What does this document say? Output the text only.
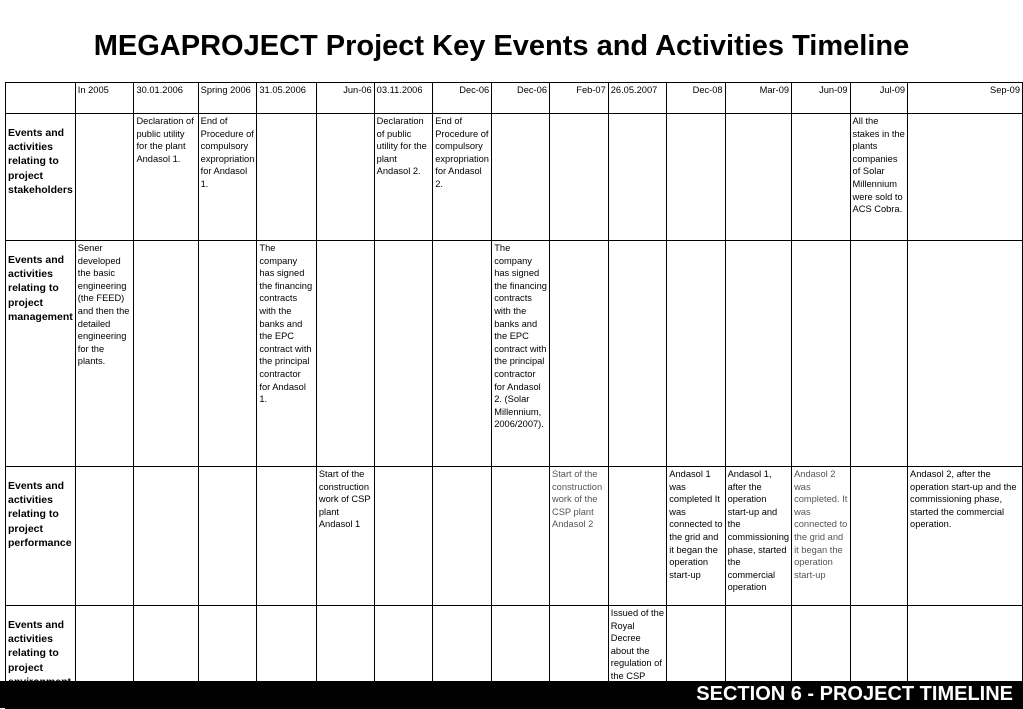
MEGAPROJECT Project Key Events and Activities Timeline
	In 2005	30.01.2006	Spring 2006	31.05.2006	Jun-06	03.11.2006	Dec-06	Dec-06	Feb-07	26.05.2007	Dec-08	Mar-09	Jun-09	Jul-09	Sep-09
Events and activities relating to project stakeholders		Declaration of public utility for the plant Andasol 1.	End of Procedure of compulsory expropriation for Andasol 1.			Declaration of public utility for the plant Andasol 2.	End of Procedure of compulsory expropriation for Andasol 2.							All the stakes in the plants companies of Solar Millennium were sold to ACS Cobra.	
Events and activities relating to project management	Sener developed the basic engineering (the FEED) and then the detailed engineering for the plants.			The company has signed the financing contracts with the banks and the EPC contract with the principal contractor for Andasol 1.				The company has signed the financing contracts with the banks and the EPC contract with the principal contractor for Andasol 2. (Solar Millennium, 2006/2007).							
Events and activities relating to project performance					Start of the construction work of CSP plant Andasol 1				Start of the construction work of the CSP plant Andasol 2		Andasol 1 was completed It was connected to the grid and it began the operation start-up	Andasol 1, after the operation start-up and the commissioning phase, started the commercial operation	Andasol 2 was completed. It was connected to the grid and it began the operation start-up		Andasol 2, after the operation start-up and the commissioning phase, started the commercial operation.
Events and activities relating to project										Issued of the Royal Decree about the regulation of the CSP					
SECTION 6 - PROJECT TIMELINE
